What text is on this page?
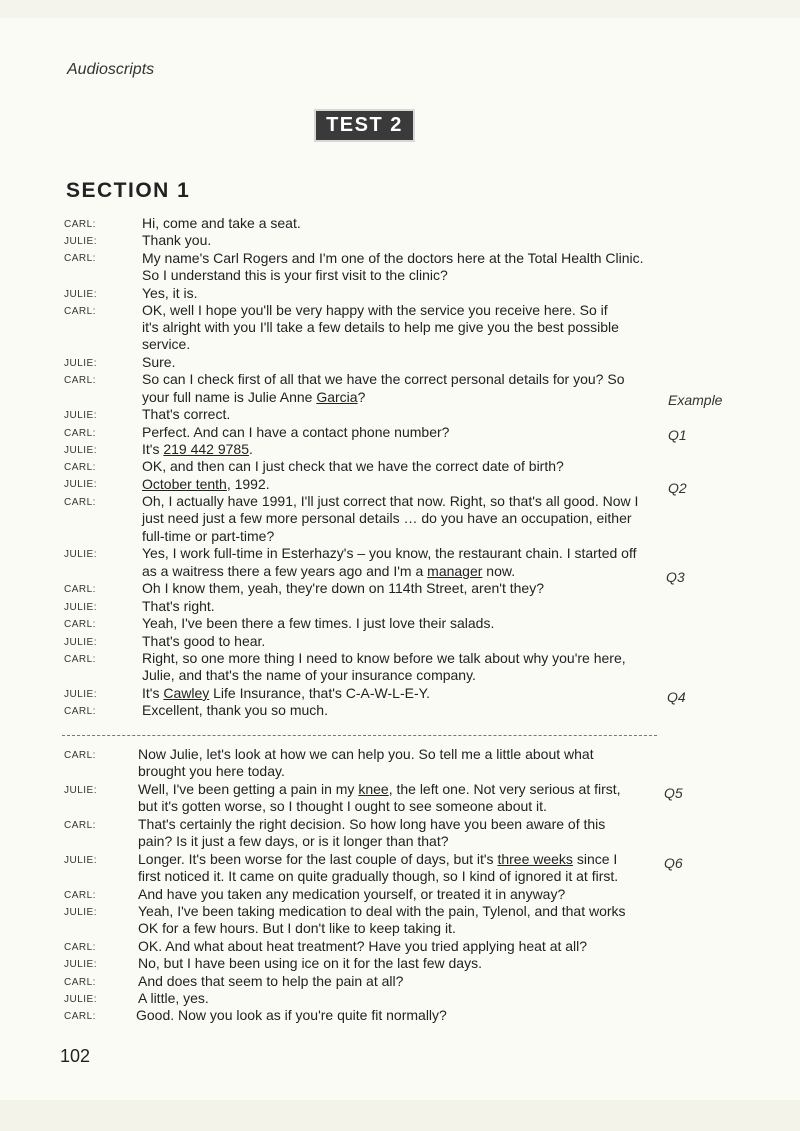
Audioscripts
TEST 2
SECTION 1
CARL:
JULIE:
CARL:
JULIE:
CARL:
JULIE:
CARL:
JULIE:
CARL:
JULIE:
CARL:
JULIE:
CARL:
JULIE:
CARL:
JULIE:
CARL:
JULIE:
CARL:
JULIE:
CARL:
CARL:
JULIE:
CARL:
JULIE:
CARL:
JULIE:
CARL:
JULIE:
CARL:
JULIE:
CARL:
Hi, come and take a seat.
Thank you.
My name's Carl Rogers and I'm one of the doctors here at the Total Health Clinic.
So I understand this is your first visit to the clinic?
Yes, it is.
OK, well I hope you'll be very happy with the service you receive here. So if
it's alright with you I'll take a few details to help me give you the best possible
service.
Sure.
So can I check first of all that we have the correct personal details for you? So
your full name is Julie Anne Garcia?
That's correct.
Perfect. And can I have a contact phone number?
It's 219 442 9785.
OK, and then can I just check that we have the correct date of birth?
October tenth, 1992.
Oh, I actually have 1991, I'll just correct that now. Right, so that's all good. Now I
just need just a few more personal details … do you have an occupation, either
full-time or part-time?
Yes, I work full-time in Esterhazy's – you know, the restaurant chain. I started off
as a waitress there a few years ago and I'm a manager now.
Oh I know them, yeah, they're down on 114th Street, aren't they?
That's right.
Yeah, I've been there a few times. I just love their salads.
That's good to hear.
Right, so one more thing I need to know before we talk about why you're here,
Julie, and that's the name of your insurance company.
It's Cawley Life Insurance, that's C-A-W-L-E-Y.
Excellent, thank you so much.
Now Julie, let's look at how we can help you. So tell me a little about what
brought you here today.
Well, I've been getting a pain in my knee, the left one. Not very serious at first,
but it's gotten worse, so I thought I ought to see someone about it.
That's certainly the right decision. So how long have you been aware of this
pain? Is it just a few days, or is it longer than that?
Longer. It's been worse for the last couple of days, but it's three weeks since I
first noticed it. It came on quite gradually though, so I kind of ignored it at first.
And have you taken any medication yourself, or treated it in anyway?
Yeah, I've been taking medication to deal with the pain, Tylenol, and that works
OK for a few hours. But I don't like to keep taking it.
OK. And what about heat treatment? Have you tried applying heat at all?
No, but I have been using ice on it for the last few days.
And does that seem to help the pain at all?
A little, yes.
Good. Now you look as if you're quite fit normally?
Example
Q1
Q2
Q3
Q4
Q5
Q6
102
